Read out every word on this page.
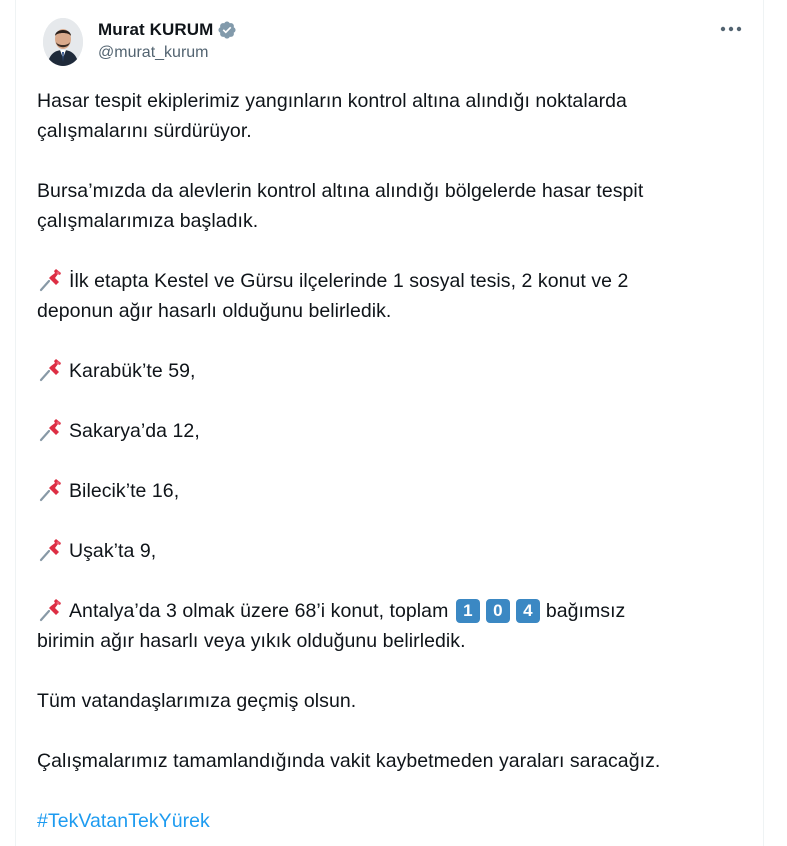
Murat KURUM
@murat_kurum

Hasar tespit ekiplerimiz yangınların kontrol altına alındığı noktalarda

çalışmalarını sürdürüyor.

Bursa’mızda da alevlerin kontrol altına alındığı bölgelerde hasar tespit

çalışmalarımıza başladık.

İlk etapta Kestel ve Gürsu ilçelerinde 1 sosyal tesis, 2 konut ve 2

deponun ağır hasarlı olduğunu belirledik.

Karabük’te 59,

Sakarya’da 12,

Bilecik’te 16,

Uşak’ta 9,

Antalya’da 3 olmak üzere 68’i konut, toplam 1 0 4 bağımsız

birimin ağır hasarlı veya yıkık olduğunu belirledik.

Tüm vatandaşlarımıza geçmiş olsun.

Çalışmalarımız tamamlandığında vakit kaybetmeden yaraları saracağız.

#TekVatanTekYürek
